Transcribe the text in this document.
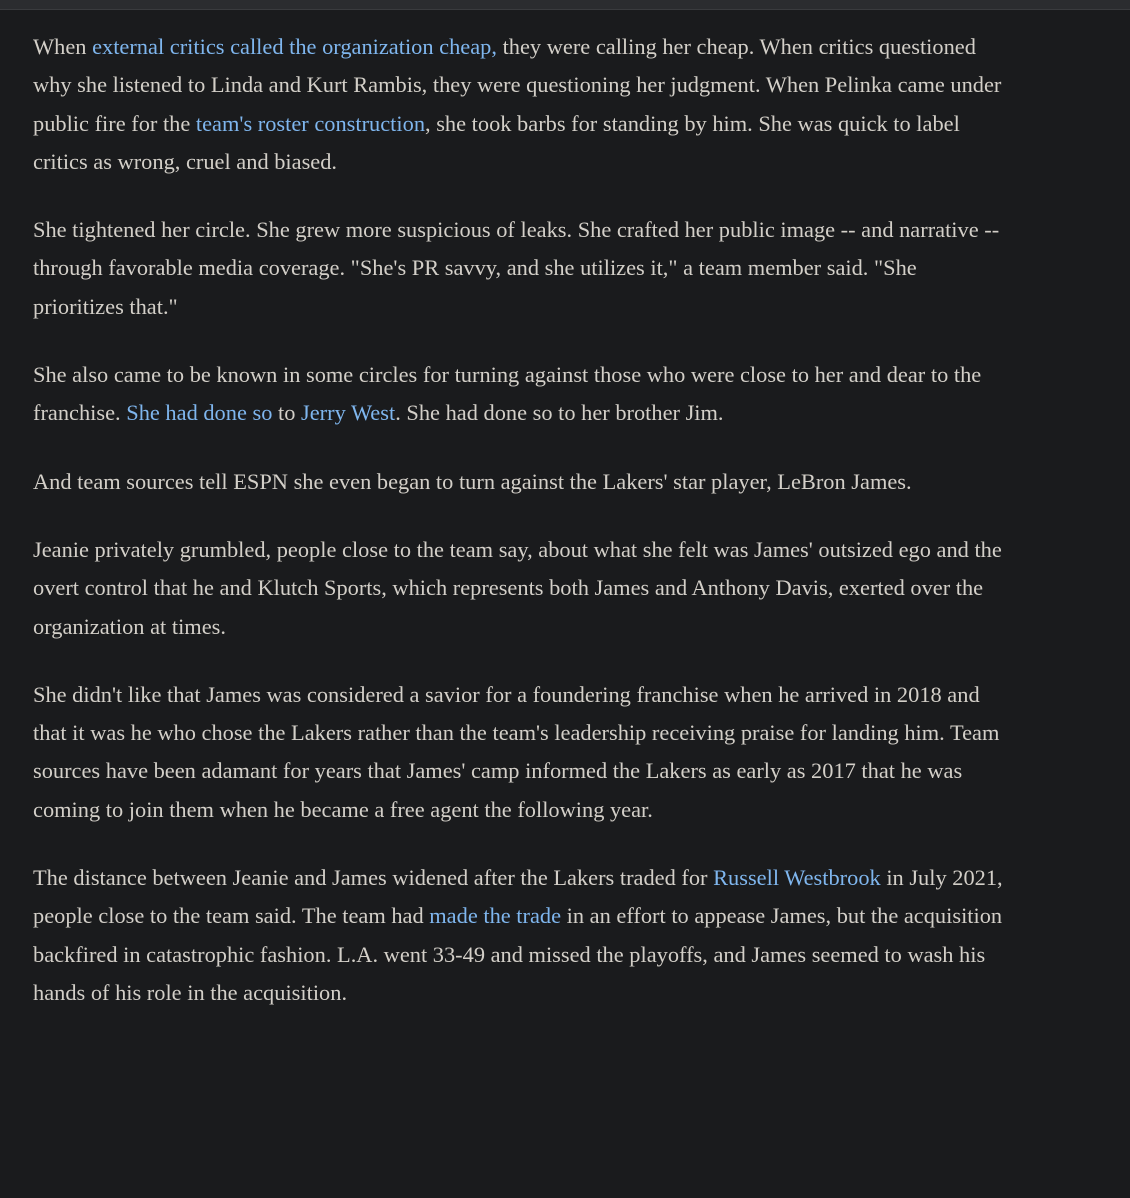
When external critics called the organization cheap, they were calling her cheap. When critics questioned why she listened to Linda and Kurt Rambis, they were questioning her judgment. When Pelinka came under public fire for the team's roster construction, she took barbs for standing by him. She was quick to label critics as wrong, cruel and biased.

She tightened her circle. She grew more suspicious of leaks. She crafted her public image -- and narrative -- through favorable media coverage. "She's PR savvy, and she utilizes it," a team member said. "She prioritizes that."

She also came to be known in some circles for turning against those who were close to her and dear to the franchise. She had done so to Jerry West. She had done so to her brother Jim.

And team sources tell ESPN she even began to turn against the Lakers' star player, LeBron James.

Jeanie privately grumbled, people close to the team say, about what she felt was James' outsized ego and the overt control that he and Klutch Sports, which represents both James and Anthony Davis, exerted over the organization at times.

She didn't like that James was considered a savior for a foundering franchise when he arrived in 2018 and that it was he who chose the Lakers rather than the team's leadership receiving praise for landing him. Team sources have been adamant for years that James' camp informed the Lakers as early as 2017 that he was coming to join them when he became a free agent the following year.

The distance between Jeanie and James widened after the Lakers traded for Russell Westbrook in July 2021, people close to the team said. The team had made the trade in an effort to appease James, but the acquisition backfired in catastrophic fashion. L.A. went 33-49 and missed the playoffs, and James seemed to wash his hands of his role in the acquisition.
